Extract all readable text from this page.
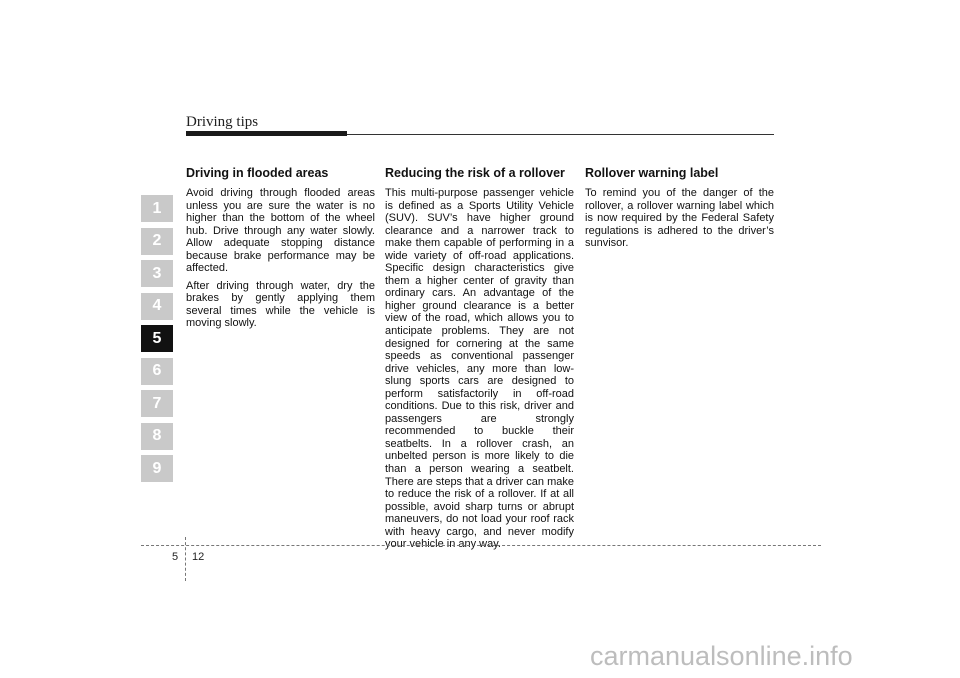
Driving tips
1
2
3
4
5
6
7
8
9
Driving in flooded areas

Avoid driving through flooded areas unless you are sure the water is no higher than the bottom of the wheel hub. Drive through any water slowly. Allow adequate stopping distance because brake performance may be affected.

After driving through water, dry the brakes by gently applying them several times while the vehicle is moving slowly.

Reducing the risk of a rollover

This multi-purpose passenger vehicle is defined as a Sports Utility Vehicle (SUV). SUV’s have higher ground clearance and a narrower track to make them capable of performing in a wide variety of off-road applications. Specific design characteristics give them a higher center of gravity than ordinary cars. An advantage of the higher ground clearance is a better view of the road, which allows you to anticipate problems. They are not designed for cornering at the same speeds as conventional passenger drive vehicles, any more than low-slung sports cars are designed to perform satisfactorily in off-road conditions. Due to this risk, driver and passengers are strongly recommended to buckle their seatbelts. In a rollover crash, an unbelted person is more likely to die than a person wearing a seatbelt. There are steps that a driver can make to reduce the risk of a rollover. If at all possible, avoid sharp turns or abrupt maneuvers, do not load your roof rack with heavy cargo, and never modify your vehicle in any way.

Rollover warning label

To remind you of the danger of the rollover, a rollover warning label which is now required by the Federal Safety regulations is adhered to the driver’s sunvisor.

5 12
carmanualsonline.info
